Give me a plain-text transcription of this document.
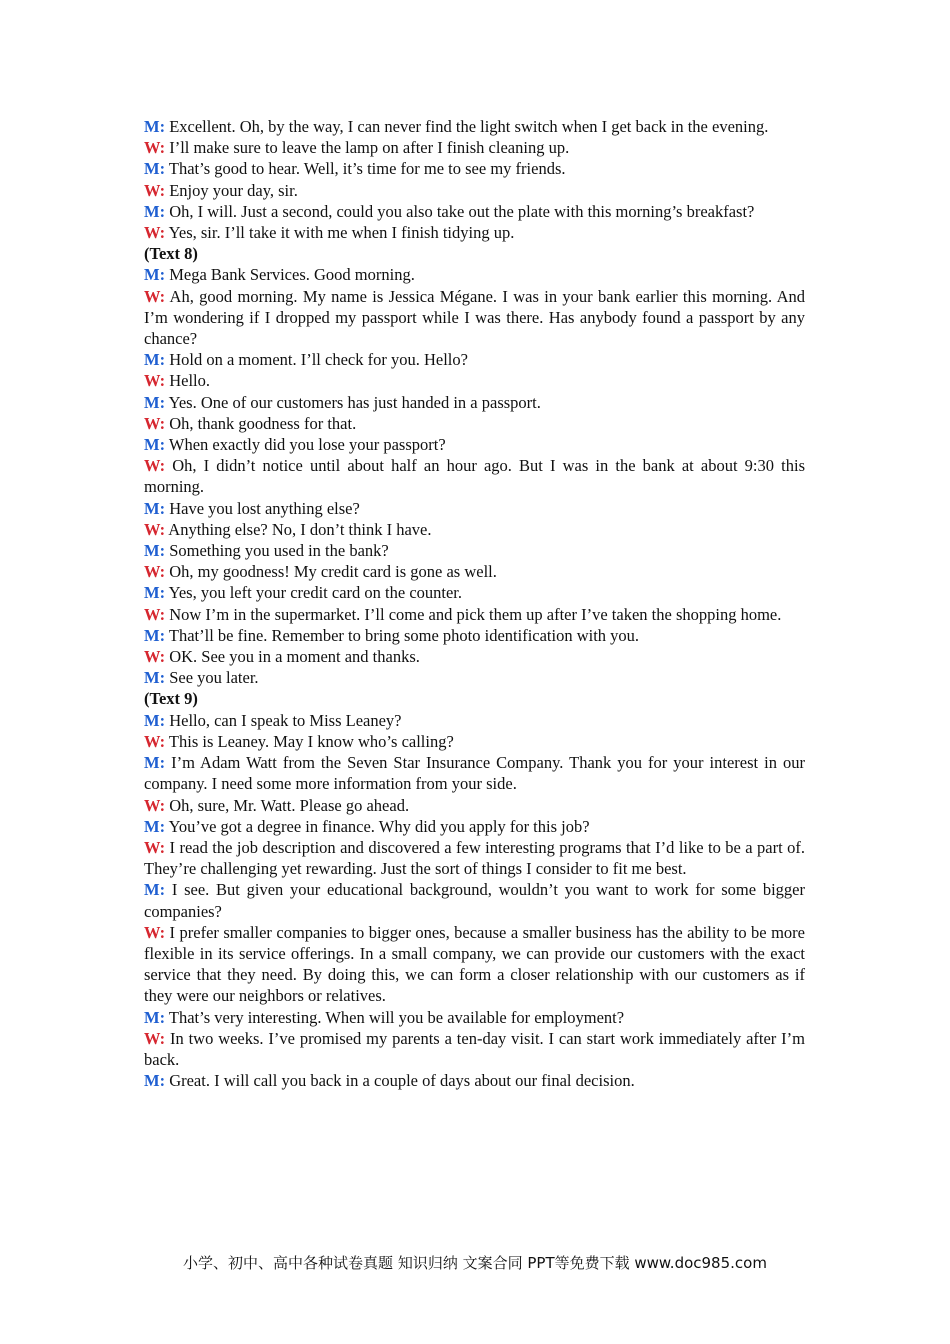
M: Excellent. Oh, by the way, I can never find the light switch when I get back in the evening.

W: I’ll make sure to leave the lamp on after I finish cleaning up.

M: That’s good to hear. Well, it’s time for me to see my friends.

W: Enjoy your day, sir.

M: Oh, I will. Just a second, could you also take out the plate with this morning’s breakfast?

W: Yes, sir. I’ll take it with me when I finish tidying up.

(Text 8)

M: Mega Bank Services. Good morning.

W: Ah, good morning. My name is Jessica Mégane. I was in your bank earlier this morning. And I’m wondering if I dropped my passport while I was there. Has anybody found a passport by any chance?

M: Hold on a moment. I’ll check for you. Hello?

W: Hello.

M: Yes. One of our customers has just handed in a passport.

W: Oh, thank goodness for that.

M: When exactly did you lose your passport?

W: Oh, I didn’t notice until about half an hour ago. But I was in the bank at about 9:30 this morning.

M: Have you lost anything else?

W: Anything else? No, I don’t think I have.

M: Something you used in the bank?

W: Oh, my goodness! My credit card is gone as well.

M: Yes, you left your credit card on the counter.

W: Now I’m in the supermarket. I’ll come and pick them up after I’ve taken the shopping home.

M: That’ll be fine. Remember to bring some photo identification with you.

W: OK. See you in a moment and thanks.

M: See you later.

(Text 9)

M: Hello, can I speak to Miss Leaney?

W: This is Leaney. May I know who’s calling?

M: I’m Adam Watt from the Seven Star Insurance Company. Thank you for your interest in our company. I need some more information from your side.

W: Oh, sure, Mr. Watt. Please go ahead.

M: You’ve got a degree in finance. Why did you apply for this job?

W: I read the job description and discovered a few interesting programs that I’d like to be a part of. They’re challenging yet rewarding. Just the sort of things I consider to fit me best.

M: I see. But given your educational background, wouldn’t you want to work for some bigger companies?

W: I prefer smaller companies to bigger ones, because a smaller business has the ability to be more flexible in its service offerings. In a small company, we can provide our customers with the exact service that they need. By doing this, we can form a closer relationship with our customers as if they were our neighbors or relatives.

M: That’s very interesting. When will you be available for employment?

W: In two weeks. I’ve promised my parents a ten-day visit. I can start work immediately after I’m back.

M: Great. I will call you back in a couple of days about our final decision.

小学、初中、高中各种试卷真题 知识归纳 文案合同 PPT等免费下载 www.doc985.com
